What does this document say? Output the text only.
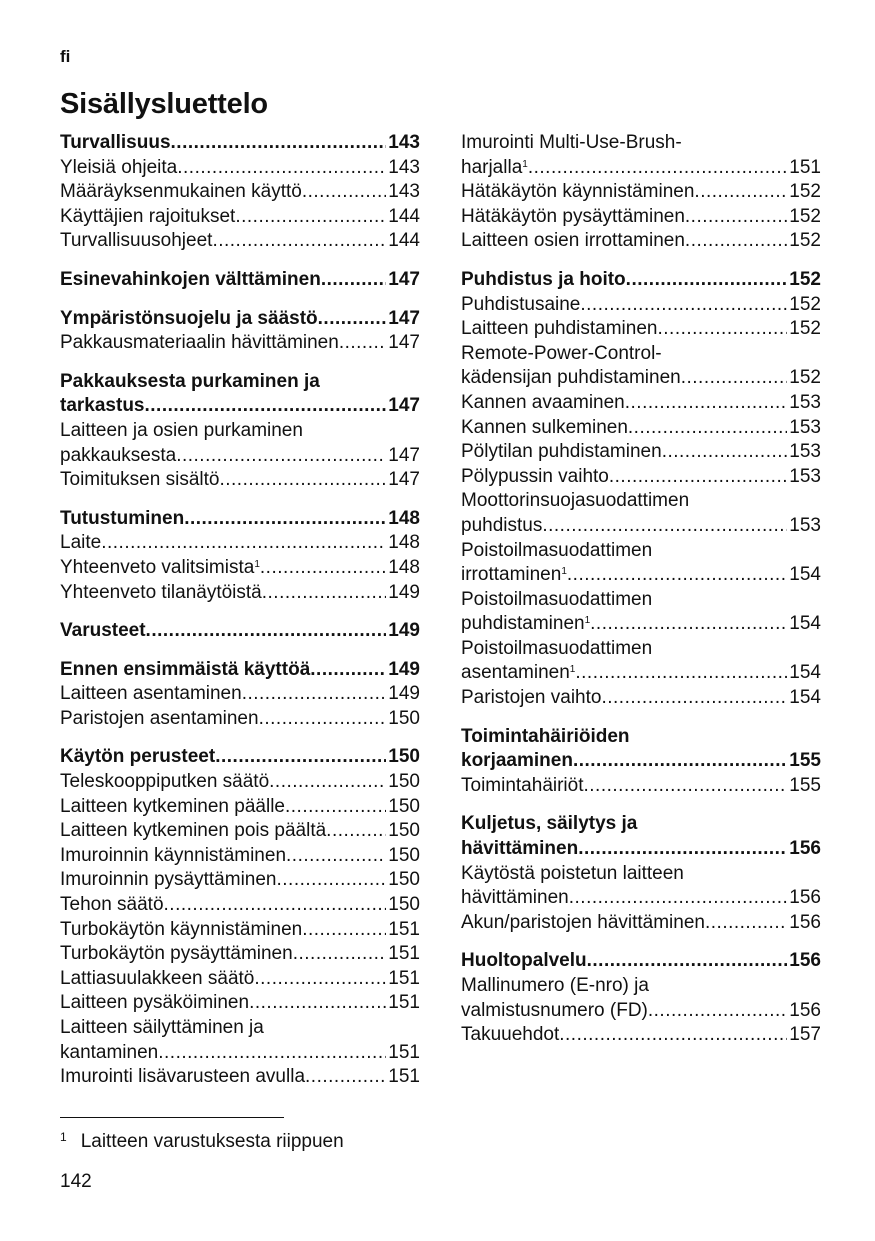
fi
Sisällysluettelo
Turvallisuus .....	143
Yleisiä ohjeita .....	143
Määräyksenmukainen käyttö .....	143
Käyttäjien rajoitukset .....	144
Turvallisuusohjeet .....	144
Esinevahinkojen välttäminen .....	147
Ympäristönsuojelu ja säästö .....	147
Pakkausmateriaalin hävittäminen .....	147
Pakkauksesta purkaminen ja
tarkastus .....	147
Laitteen ja osien purkaminen
pakkauksesta .....	147
Toimituksen sisältö .....	147
Tutustuminen .....	148
Laite .....	148
Yhteenveto valitsimista$^1$ .....	148
Yhteenveto tilanäytöistä .....	149
Varusteet .....	149
Ennen ensimmäistä käyttöä .....	149
Laitteen asentaminen .....	149
Paristojen asentaminen .....	150
Käytön perusteet .....	150
Teleskooppiputken säätö .....	150
Laitteen kytkeminen päälle .....	150
Laitteen kytkeminen pois päältä .....	150
Imuroinnin käynnistäminen .....	150
Imuroinnin pysäyttäminen .....	150
Tehon säätö .....	150
Turbokäytön käynnistäminen .....	151
Turbokäytön pysäyttäminen .....	151
Lattiasuulakkeen säätö .....	151
Laitteen pysäköiminen .....	151
Laitteen säilyttäminen ja
kantaminen .....	151
Imurointi lisävarusteen avulla .....	151
Imurointi Multi-Use-Brush-
harjalla$^1$ .....	151
Hätäkäytön käynnistäminen .....	152
Hätäkäytön pysäyttäminen .....	152
Laitteen osien irrottaminen .....	152
Puhdistus ja hoito .....	152
Puhdistusaine .....	152
Laitteen puhdistaminen .....	152
Remote-Power-Control-
kädensijan puhdistaminen .....	152
Kannen avaaminen .....	153
Kannen sulkeminen .....	153
Pölytilan puhdistaminen .....	153
Pölypussin vaihto .....	153
Moottorinsuojasuodattimen
puhdistus .....	153
Poistoilmasuodattimen
irrottaminen$^1$ .....	154
Poistoilmasuodattimen
puhdistaminen$^1$ .....	154
Poistoilmasuodattimen
asentaminen$^1$ .....	154
Paristojen vaihto .....	154
Toimintahäiriöiden
korjaaminen .....	155
Toimintahäiriöt .....	155
Kuljetus, säilytys ja
hävittäminen .....	156
Käytöstä poistetun laitteen
hävittäminen .....	156
Akun/paristojen hävittäminen .....	156
Huoltopalvelu .....	156
Mallinumero (E-nro) ja
valmistusnumero (FD) .....	156
Takuuehdot .....	157
$^1$ Laitteen varustuksesta riippuen
142
